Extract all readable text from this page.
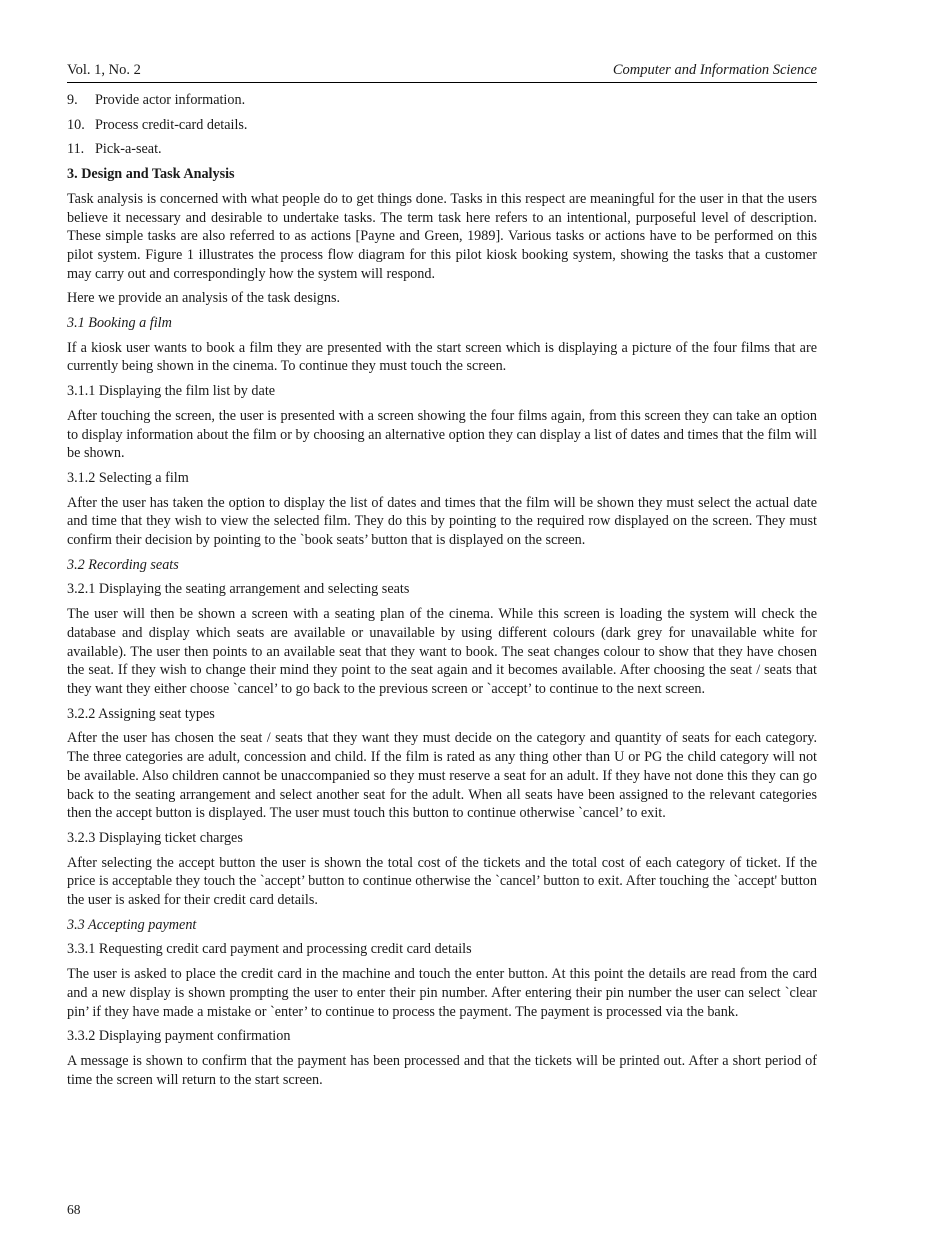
Vol. 1, No. 2	Computer and Information Science
9.	Provide actor information.
10. Process credit-card details.
11. Pick-a-seat.
3. Design and Task Analysis
Task analysis is concerned with what people do to get things done. Tasks in this respect are meaningful for the user in that the users believe it necessary and desirable to undertake tasks. The term task here refers to an intentional, purposeful level of description. These simple tasks are also referred to as actions [Payne and Green, 1989]. Various tasks or actions have to be performed on this pilot system. Figure 1 illustrates the process flow diagram for this pilot kiosk booking system, showing the tasks that a customer may carry out and correspondingly how the system will respond.
Here we provide an analysis of the task designs.
3.1 Booking a film
If a kiosk user wants to book a film they are presented with the start screen which is displaying a picture of the four films that are currently being shown in the cinema. To continue they must touch the screen.
3.1.1 Displaying the film list by date
After touching the screen, the user is presented with a screen showing the four films again, from this screen they can take an option to display information about the film or by choosing an alternative option they can display a list of dates and times that the film will be shown.
3.1.2 Selecting a film
After the user has taken the option to display the list of dates and times that the film will be shown they must select the actual date and time that they wish to view the selected film. They do this by pointing to the required row displayed on the screen. They must confirm their decision by pointing to the `book seats’ button that is displayed on the screen.
3.2 Recording seats
3.2.1 Displaying the seating arrangement and selecting seats
The user will then be shown a screen with a seating plan of the cinema. While this screen is loading the system will check the database and display which seats are available or unavailable by using different colours (dark grey for unavailable white for available). The user then points to an available seat that they want to book. The seat changes colour to show that they have chosen the seat. If they wish to change their mind they point to the seat again and it becomes available. After choosing the seat / seats that they want they either choose `cancel’ to go back to the previous screen or `accept’ to continue to the next screen.
3.2.2 Assigning seat types
After the user has chosen the seat / seats that they want they must decide on the category and quantity of seats for each category. The three categories are adult, concession and child. If the film is rated as any thing other than U or PG the child category will not be available. Also children cannot be unaccompanied so they must reserve a seat for an adult. If they have not done this they can go back to the seating arrangement and select another seat for the adult. When all seats have been assigned to the relevant categories then the accept button is displayed. The user must touch this button to continue otherwise `cancel’ to exit.
3.2.3 Displaying ticket charges
After selecting the accept button the user is shown the total cost of the tickets and the total cost of each category of ticket. If the price is acceptable they touch the `accept’ button to continue otherwise the `cancel’ button to exit. After touching the `accept' button the user is asked for their credit card details.
3.3 Accepting payment
3.3.1 Requesting credit card payment and processing credit card details
The user is asked to place the credit card in the machine and touch the enter button. At this point the details are read from the card and a new display is shown prompting the user to enter their pin number. After entering their pin number the user can select `clear pin’ if they have made a mistake or `enter’ to continue to process the payment. The payment is processed via the bank.
3.3.2 Displaying payment confirmation
A message is shown to confirm that the payment has been processed and that the tickets will be printed out. After a short period of time the screen will return to the start screen.
68
